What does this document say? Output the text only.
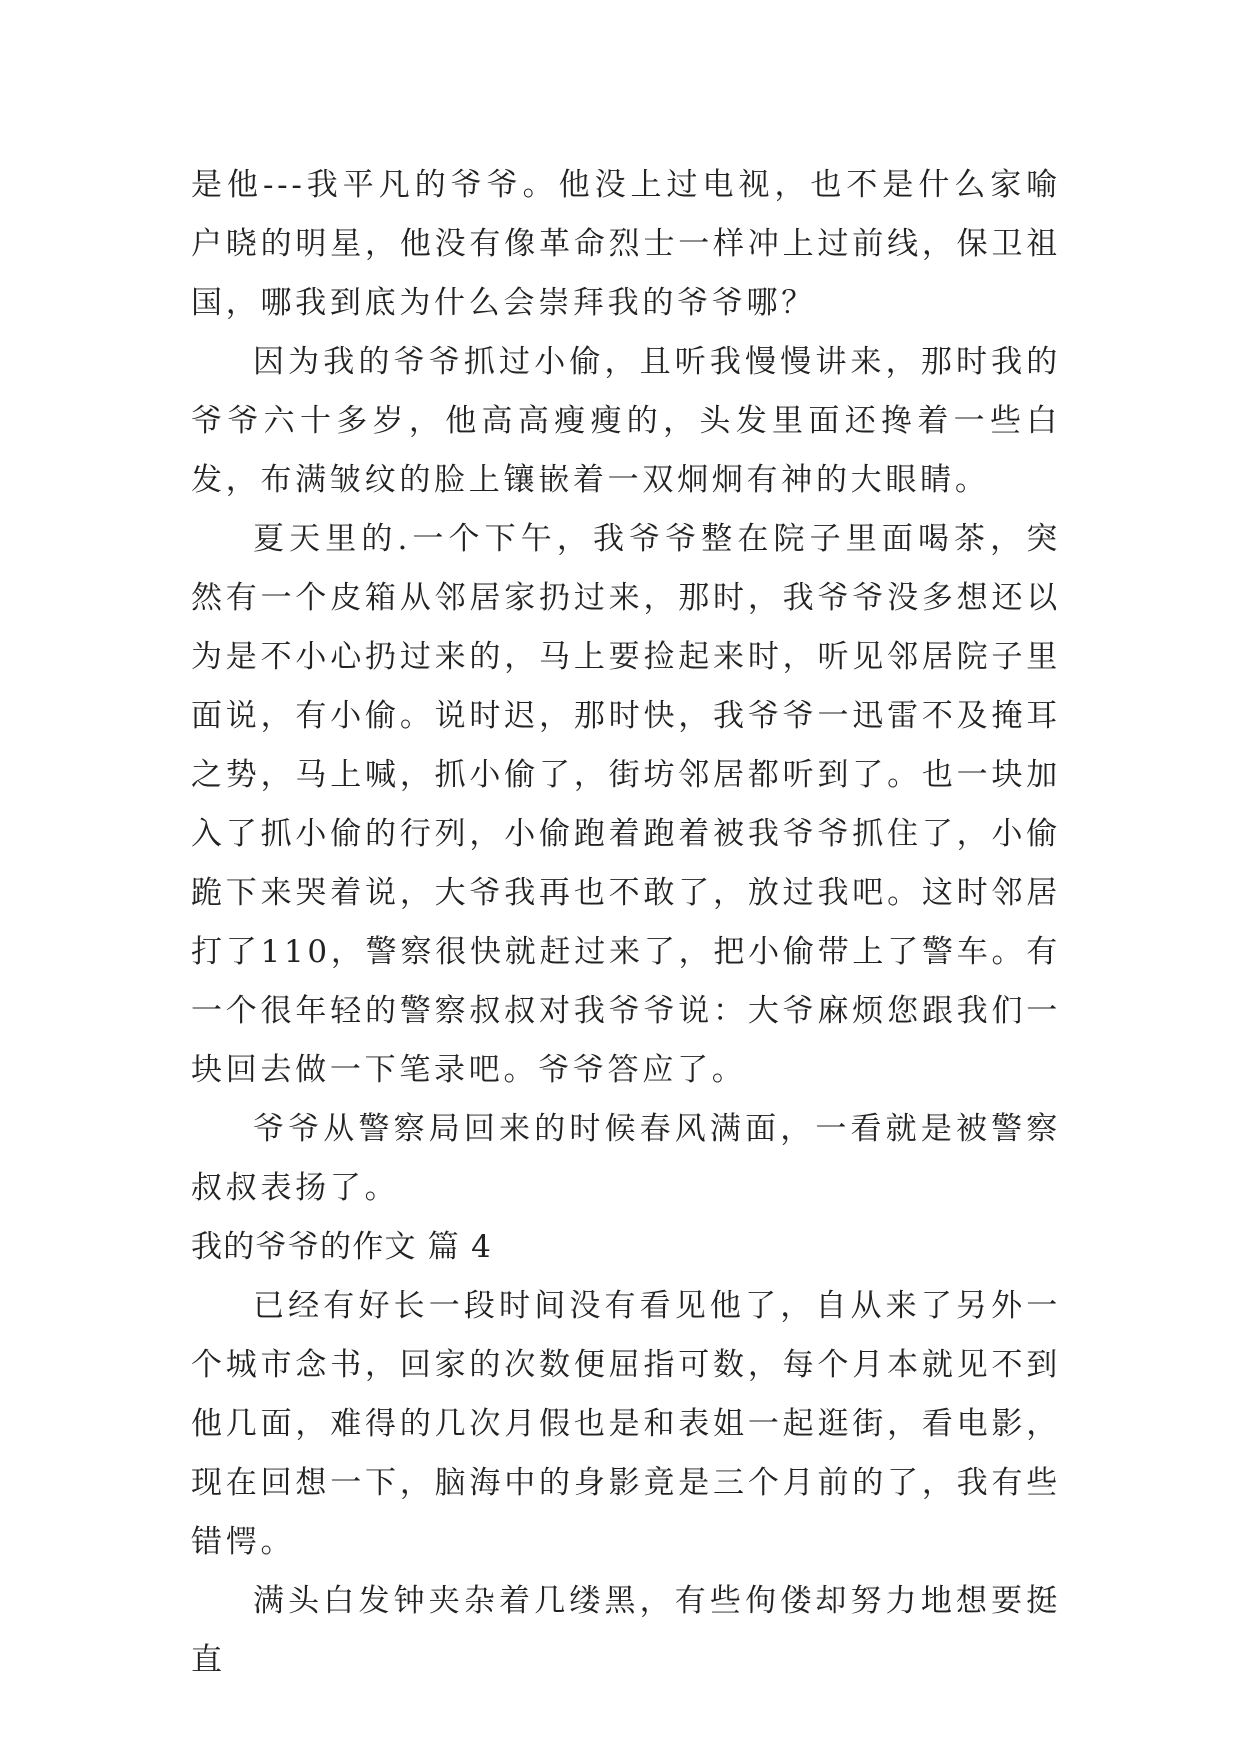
是他---我平凡的爷爷。他没上过电视，也不是什么家喻户晓的明星，他没有像革命烈士一样冲上过前线，保卫祖国，哪我到底为什么会崇拜我的爷爷哪？

因为我的爷爷抓过小偷，且听我慢慢讲来，那时我的爷爷六十多岁，他高高瘦瘦的，头发里面还搀着一些白发，布满皱纹的脸上镶嵌着一双炯炯有神的大眼睛。

夏天里的.一个下午，我爷爷整在院子里面喝茶，突然有一个皮箱从邻居家扔过来，那时，我爷爷没多想还以为是不小心扔过来的，马上要捡起来时，听见邻居院子里面说，有小偷。说时迟，那时快，我爷爷一迅雷不及掩耳之势，马上喊，抓小偷了，街坊邻居都听到了。也一块加入了抓小偷的行列，小偷跑着跑着被我爷爷抓住了，小偷跪下来哭着说，大爷我再也不敢了，放过我吧。这时邻居打了110，警察很快就赶过来了，把小偷带上了警车。有一个很年轻的警察叔叔对我爷爷说：大爷麻烦您跟我们一块回去做一下笔录吧。爷爷答应了。

爷爷从警察局回来的时候春风满面，一看就是被警察叔叔表扬了。

我的爷爷的作文 篇 4

已经有好长一段时间没有看见他了，自从来了另外一个城市念书，回家的次数便屈指可数，每个月本就见不到他几面，难得的几次月假也是和表姐一起逛街，看电影，现在回想一下，脑海中的身影竟是三个月前的了，我有些错愕。

满头白发钟夹杂着几缕黑，有些佝偻却努力地想要挺直
